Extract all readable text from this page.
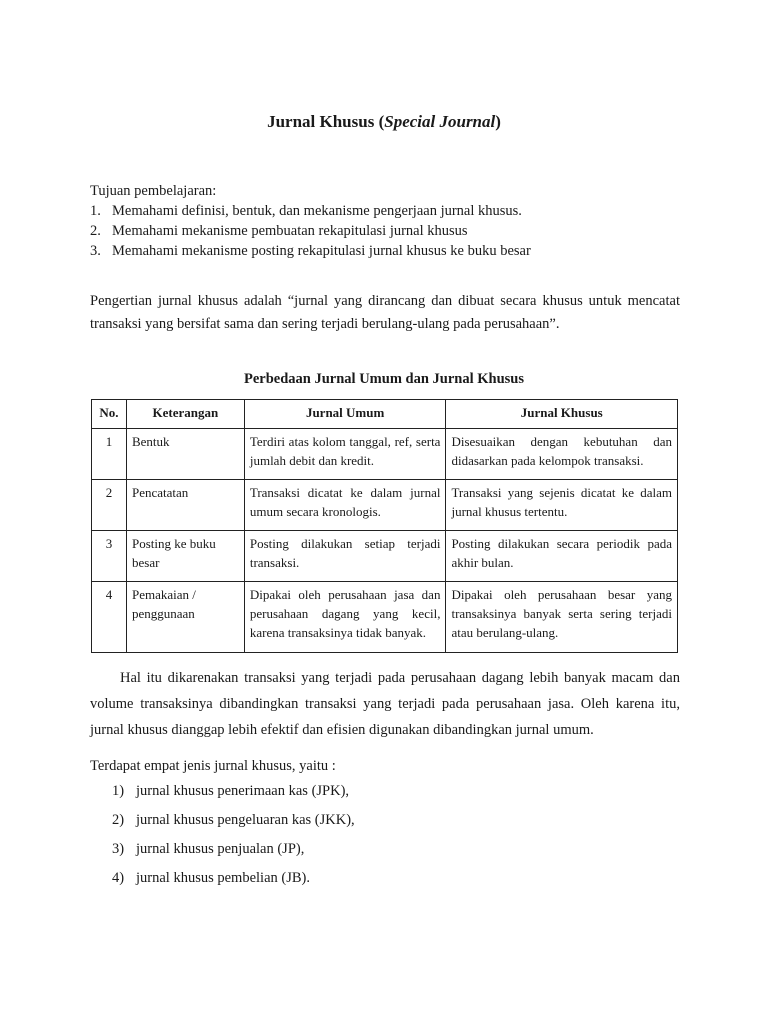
Jurnal Khusus (Special Journal)
Tujuan pembelajaran:
1. Memahami definisi, bentuk, dan mekanisme pengerjaan jurnal khusus.
2. Memahami mekanisme pembuatan rekapitulasi jurnal khusus
3. Memahami mekanisme posting rekapitulasi jurnal khusus ke buku besar
Pengertian jurnal khusus adalah “jurnal yang dirancang dan dibuat secara khusus untuk mencatat transaksi yang bersifat sama dan sering terjadi berulang-ulang pada perusahaan”.
Perbedaan Jurnal Umum dan Jurnal Khusus
No.	Keterangan	Jurnal Umum	Jurnal Khusus
1	Bentuk	Terdiri atas kolom tanggal, ref, serta jumlah debit dan kredit.	Disesuaikan dengan kebutuhan dan didasarkan pada kelompok transaksi.
2	Pencatatan	Transaksi dicatat ke dalam jurnal umum secara kronologis.	Transaksi yang sejenis dicatat ke dalam jurnal khusus tertentu.
3	Posting ke buku besar	Posting dilakukan setiap terjadi transaksi.	Posting dilakukan secara periodik pada akhir bulan.
4	Pemakaian / penggunaan	Dipakai oleh perusahaan jasa dan perusahaan dagang yang kecil, karena transaksinya tidak banyak.	Dipakai oleh perusahaan besar yang transaksinya banyak serta sering terjadi atau berulang-ulang.
Hal itu dikarenakan transaksi yang terjadi pada perusahaan dagang lebih banyak macam dan volume transaksinya dibandingkan transaksi yang terjadi pada perusahaan jasa. Oleh karena itu, jurnal khusus dianggap lebih efektif dan efisien digunakan dibandingkan jurnal umum.
Terdapat empat jenis jurnal khusus, yaitu :
1) jurnal khusus penerimaan kas (JPK),
2) jurnal khusus pengeluaran kas (JKK),
3) jurnal khusus penjualan (JP),
4) jurnal khusus pembelian (JB).
